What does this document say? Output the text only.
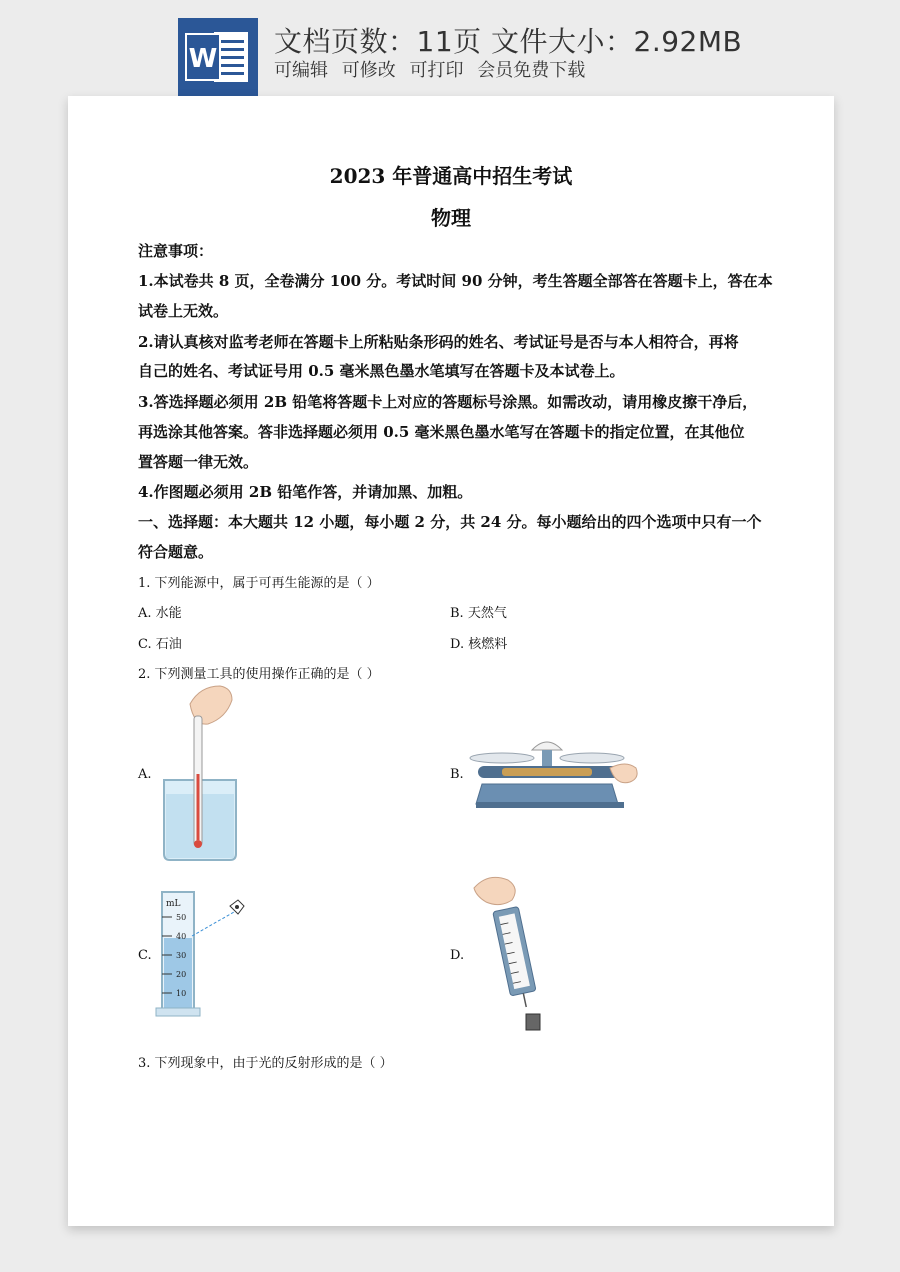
W
文档页数：11页 文件大小：2.92MB
可编辑 可修改 可打印 会员免费下载
2023 年普通高中招生考试
物理
注意事项：
1.本试卷共 8 页，全卷满分 100 分。考试时间 90 分钟，考生答题全部答在答题卡上，答在本
试卷上无效。
2.请认真核对监考老师在答题卡上所粘贴条形码的姓名、考试证号是否与本人相符合，再将
自己的姓名、考试证号用 0.5 毫米黑色墨水笔填写在答题卡及本试卷上。
3.答选择题必须用 2B 铅笔将答题卡上对应的答题标号涂黑。如需改动，请用橡皮擦干净后，
再选涂其他答案。答非选择题必须用 0.5 毫米黑色墨水笔写在答题卡的指定位置，在其他位
置答题一律无效。
4.作图题必须用 2B 铅笔作答，并请加黑、加粗。
一、选择题：本大题共 12 小题，每小题 2 分，共 24 分。每小题给出的四个选项中只有一个
符合题意。
1. 下列能源中，属于可再生能源的是（ ）
A. 水能	B. 天然气
C. 石油	D. 核燃料
2. 下列测量工具的使用操作正确的是（ ）
A.	B.
C.
mL
50
40
30
20
10
D.
3. 下列现象中，由于光的反射形成的是（ ）
